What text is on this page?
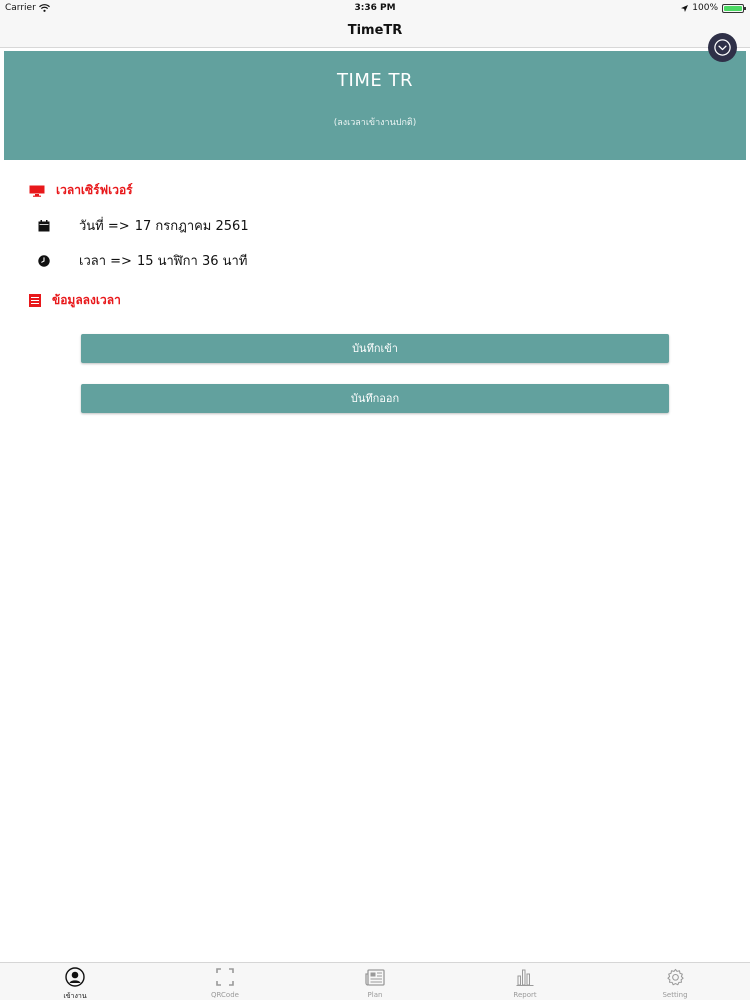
Carrier	3:36 PM	100%
TimeTR
TIME TR
(ลงเวลาเข้างานปกติ)
เวลาเซิร์ฟเวอร์
วันที่ => 17 กรกฎาคม 2561
เวลา => 15 นาฬิกา 36 นาที
ข้อมูลลงเวลา
บันทึกเข้า
บันทึกออก
เข้างาน	QRCode	Plan	Report	Setting
